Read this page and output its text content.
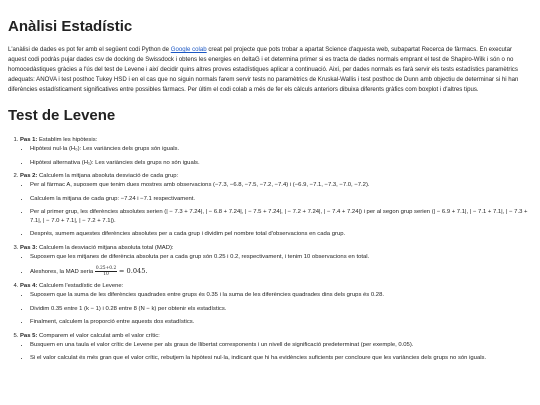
Anàlisi Estadístic

L'anàlisi de dades es pot fer amb el següent codi Python de Google colab creat pel projecte que pots trobar a apartat Science d'aquesta web, subapartat Recerca de fàrmacs. En executar aquest codi podràs pujar dades csv de docking de Swissdock i obtens les energies en deltaG i et determina primer si es tracta de dades normals emprant el test de Shapiro-Wilk i són o no homocedàstiques gràcies a l'ús del test de Levene i així decidir quins altres proves estadístiques aplicar a continuació. Així, per dades normals es farà servir els tests estadístics paramètrics adequats: ANOVA i test posthoc Tukey HSD i en el cas que no siguin normals farem servir tests no paramètrics de Kruskal-Wallis i test posthoc de Dunn amb objectiu de determinar si hi han diferències estadísticament significatives entre possibles fàrmacs. Per últim el codi colab a més de fer els càlculs anteriors dibuixa diferents gràfics com boxplot i d'altres tipus.

Test de Levene
1. Pas 1: Establim les hipòtesis:
• Hipòtesi nul·la (H₀): Les variàncies dels grups són iguals.
• Hipòtesi alternativa (H₁): Les variàncies dels grups no són iguals.
2. Pas 2: Calculem la mitjana absoluta desviació de cada grup:
• Per al fàrmac A, suposem que tenim dues mostres amb observacions (−7.3, −6.8, −7.5, −7.2, −7.4) i (−6.9, −7.1, −7.3, −7.0, −7.2).
• Calculem la mitjana de cada grup: −7.24 i −7.1 respectivament.
• Per al primer grup, les diferències absolutes serien (| − 7.3 + 7.24|, | − 6.8 + 7.24|, | − 7.5 + 7.24|, | − 7.2 + 7.24|, | − 7.4 + 7.24|) i per al segon grup serien (| − 6.9 + 7.1|, | − 7.1 + 7.1|, | − 7.3 + 7.1|, | − 7.0 + 7.1|, | − 7.2 + 7.1|).
• Després, sumem aquestes diferències absolutes per a cada grup i dividim pel nombre total d'observacions en cada grup.
3. Pas 3: Calculem la desviació mitjana absoluta total (MAD):
• Suposem que les mitjanes de diferència absoluta per a cada grup són 0.25 i 0.2, respectivament, i tenim 10 observacions en total.
• Aleshores, la MAD seria $\frac{0.25+0.2}{10} = 0.045$.
4. Pas 4: Calculem l'estadístic de Levene:
• Suposem que la suma de les diferències quadrades entre grups és 0.35 i la suma de les diferències quadrades dins dels grups és 0.28.
• Dividim 0.35 entre 1 (k − 1) i 0.28 entre 8 (N − k) per obtenir els estadístics.
• Finalment, calculem la proporció entre aquests dos estadístics.
5. Pas 5: Comparem el valor calculat amb el valor crític:
• Busquem en una taula el valor crític de Levene per als graus de llibertat corresponents i un nivell de significació predeterminat (per exemple, 0.05).
• Si el valor calculat és més gran que el valor crític, rebutjem la hipòtesi nul·la, indicant que hi ha evidències suficients per concloure que les variàncies dels grups no són iguals.
